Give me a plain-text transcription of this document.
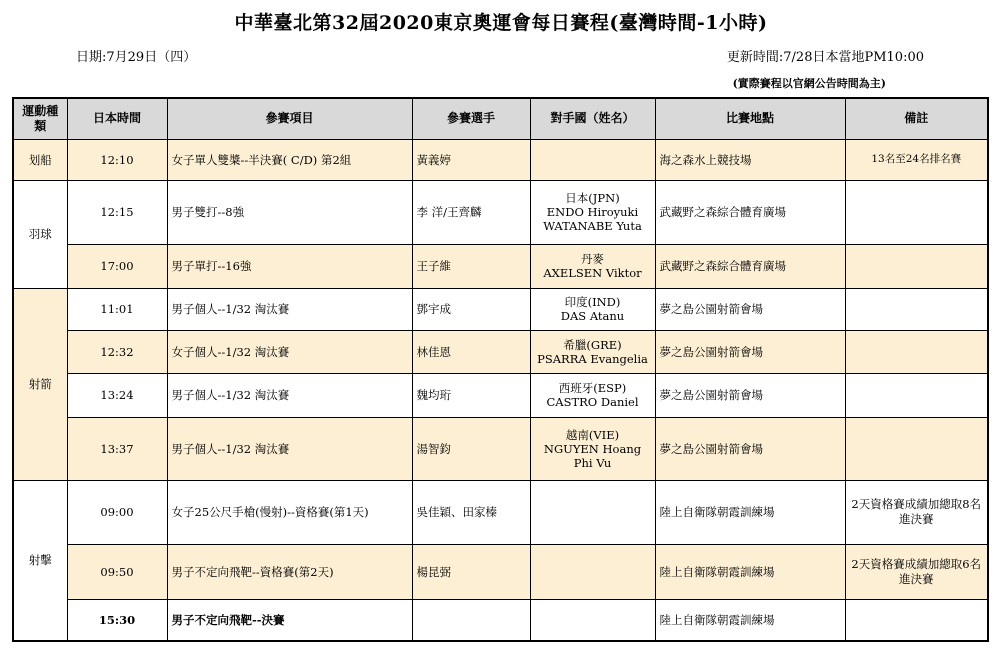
中華臺北第32屆2020東京奧運會每日賽程(臺灣時間-1小時)
日期:7月29日（四）	更新時間:7/28日本當地PM10:00
(實際賽程以官網公告時間為主)
運動種類	日本時間	參賽項目	參賽選手	對手國（姓名）	比賽地點	備註
划船	12:10	女子單人雙槳--半決賽( C/D) 第2組	黃義婷		海之森水上競技場	13名至24名排名賽
羽球	12:15	男子雙打--8強	李 洋/王齊麟	日本(JPN)
ENDO Hiroyuki
WATANABE Yuta	武藏野之森綜合體育廣場	
	17:00	男子單打--16強	王子維	丹麥
AXELSEN Viktor	武藏野之森綜合體育廣場	
射箭	11:01	男子個人--1/32 淘汰賽	鄧宇成	印度(IND)
DAS Atanu	夢之島公園射箭會場	
	12:32	女子個人--1/32 淘汰賽	林佳恩	希臘(GRE)
PSARRA Evangelia	夢之島公園射箭會場	
	13:24	男子個人--1/32 淘汰賽	魏均珩	西班牙(ESP)
CASTRO Daniel	夢之島公園射箭會場	
	13:37	男子個人--1/32 淘汰賽	湯智鈞	越南(VIE)
NGUYEN Hoang Phi Vu	夢之島公園射箭會場	
射擊	09:00	女子25公尺手槍(慢射)--資格賽(第1天)	吳佳穎、田家榛		陸上自衛隊朝霞訓練場	2天資格賽成績加總取8名進決賽
	09:50	男子不定向飛靶--資格賽(第2天)	楊昆弼		陸上自衛隊朝霞訓練場	2天資格賽成績加總取6名進決賽
	15:30	男子不定向飛靶--決賽			陸上自衛隊朝霞訓練場	
